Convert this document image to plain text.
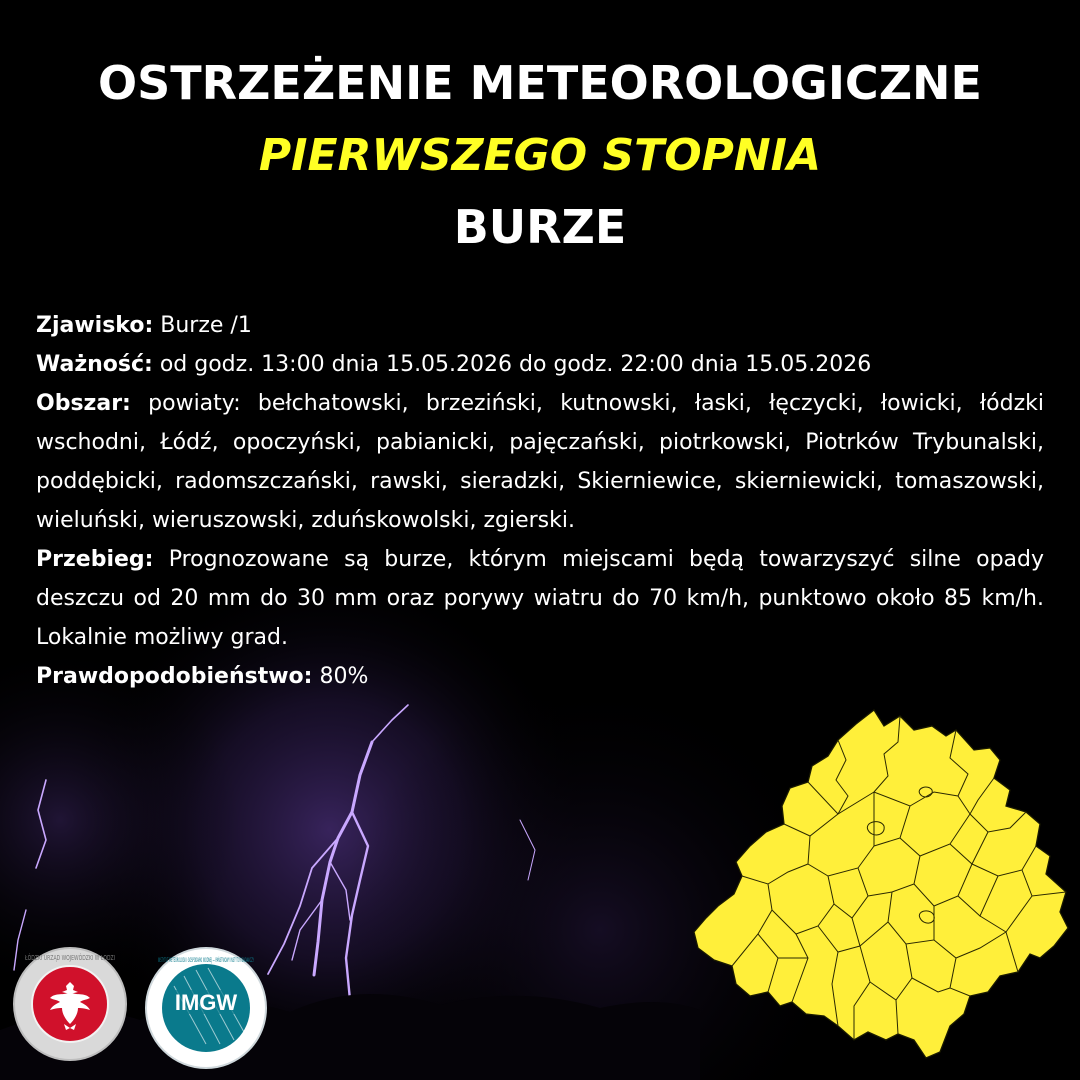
OSTRZEŻENIE METEOROLOGICZNE
PIERWSZEGO STOPNIA
BURZE

Zjawisko: Burze /1

Ważność: od godz. 13:00 dnia 15.05.2026 do godz. 22:00 dnia 15.05.2026

Obszar: powiaty: bełchatowski, brzeziński, kutnowski, łaski, łęczycki, łowicki, łódzki wschodni, Łódź, opoczyński, pabianicki, pajęczański, piotrkowski, Piotrków Trybunalski, poddębicki, radomszczański, rawski, sieradzki, Skierniewice, skierniewicki, tomaszowski, wieluński, wieruszowski, zduńskowolski, zgierski.

Przebieg: Prognozowane są burze, którym miejscami będą towarzyszyć silne opady deszczu od 20 mm do 30 mm oraz porywy wiatru do 70 km/h, punktowo około 85 km/h. Lokalnie możliwy grad.

Prawdopodobieństwo: 80%

ŁÓDZKI URZĄD WOJEWÓDZKI W ŁODZI
IMGW
INSTYTUT METEOROLOGII I GOSPODARKI WODNEJ — PAŃSTWOWY INSTYTUT BADAWCZY
